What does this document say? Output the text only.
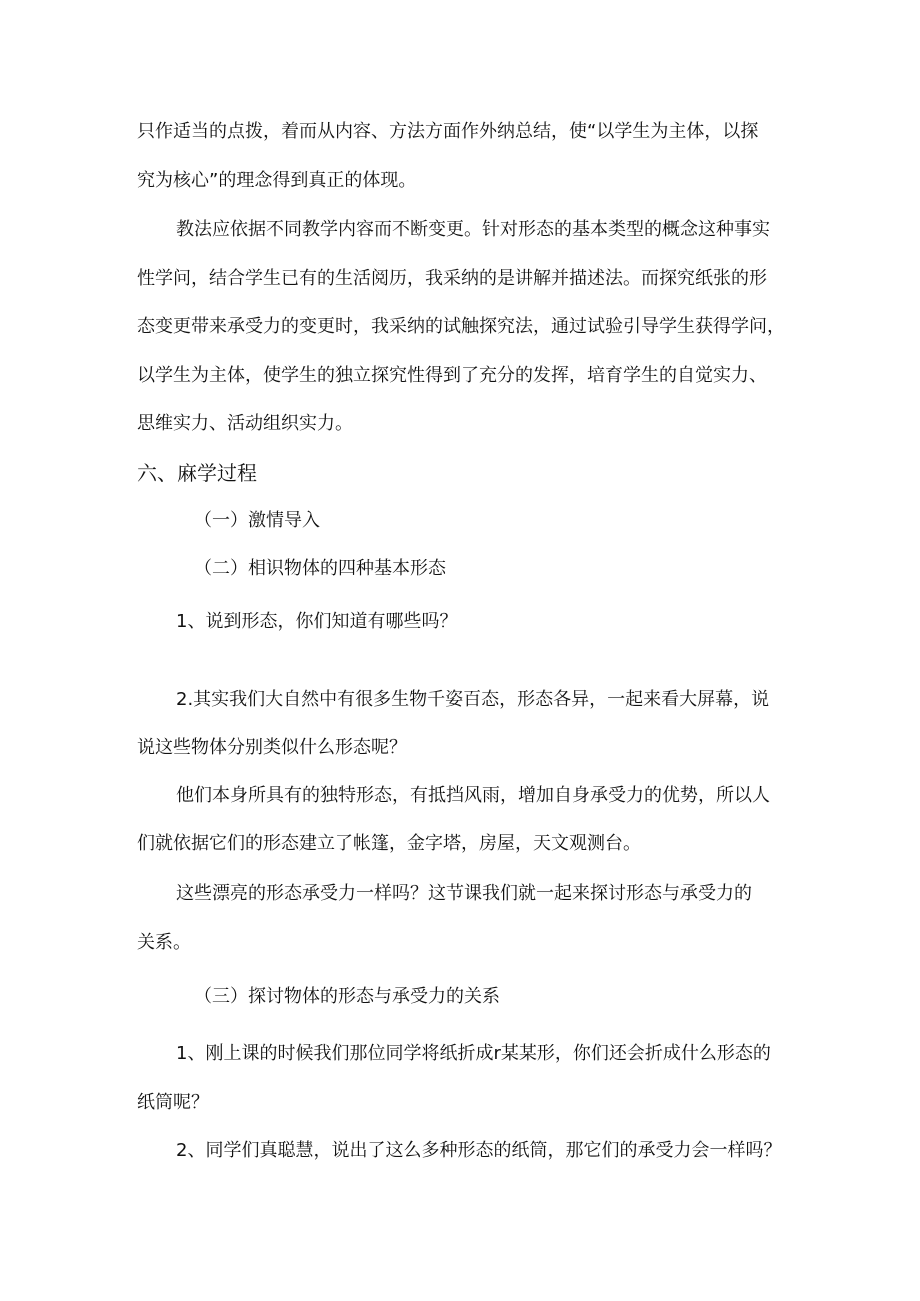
只作适当的点拨，着而从内容、方法方面作外纳总结，使“以学生为主体，以探

究为核心”的理念得到真正的体现。

教法应依据不同教学内容而不断变更。针对形态的基本类型的概念这种事实

性学问，结合学生已有的生活阅历，我采纳的是讲解并描述法。而探究纸张的形

态变更带来承受力的变更时，我采纳的试触探究法，通过试验引导学生获得学问，

以学生为主体，使学生的独立探究性得到了充分的发挥，培育学生的自觉实力、

思维实力、活动组织实力。

六、麻学过程

（一）激情导入

（二）相识物体的四种基本形态

1、说到形态，你们知道有哪些吗？

2.其实我们大自然中有很多生物千姿百态，形态各异，一起来看大屏幕，说

说这些物体分别类似什么形态呢？

他们本身所具有的独特形态，有抵挡风雨，增加自身承受力的优势，所以人

们就依据它们的形态建立了帐篷，金字塔，房屋，天文观测台。

这些漂亮的形态承受力一样吗？这节课我们就一起来探讨形态与承受力的

关系。

（三）探讨物体的形态与承受力的关系

1、刚上课的时候我们那位同学将纸折成r某某形，你们还会折成什么形态的

纸筒呢？

2、同学们真聪慧，说出了这么多种形态的纸筒，那它们的承受力会一样吗？
